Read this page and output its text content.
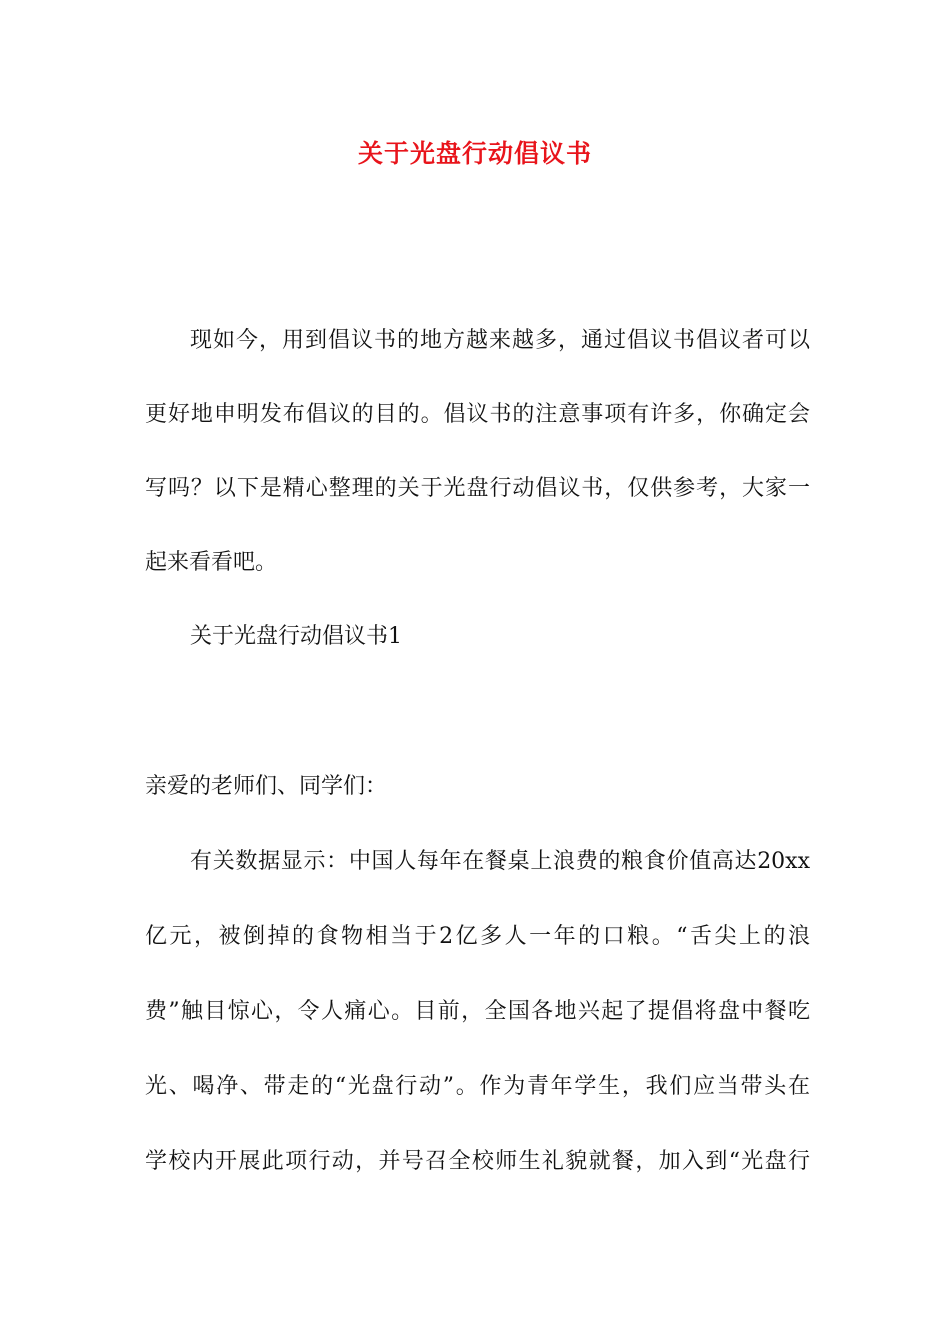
关于光盘行动倡议书

现如今，用到倡议书的地方越来越多，通过倡议书倡议者可以

更好地申明发布倡议的目的。倡议书的注意事项有许多，你确定会

写吗？以下是精心整理的关于光盘行动倡议书，仅供参考，大家一

起来看看吧。

关于光盘行动倡议书1

亲爱的老师们、同学们：

有关数据显示：中国人每年在餐桌上浪费的粮食价值高达20xx

亿元，被倒掉的食物相当于2亿多人一年的口粮。“舌尖上的浪

费”触目惊心，令人痛心。目前，全国各地兴起了提倡将盘中餐吃

光、喝净、带走的“光盘行动”。作为青年学生，我们应当带头在

学校内开展此项行动，并号召全校师生礼貌就餐，加入到“光盘行
